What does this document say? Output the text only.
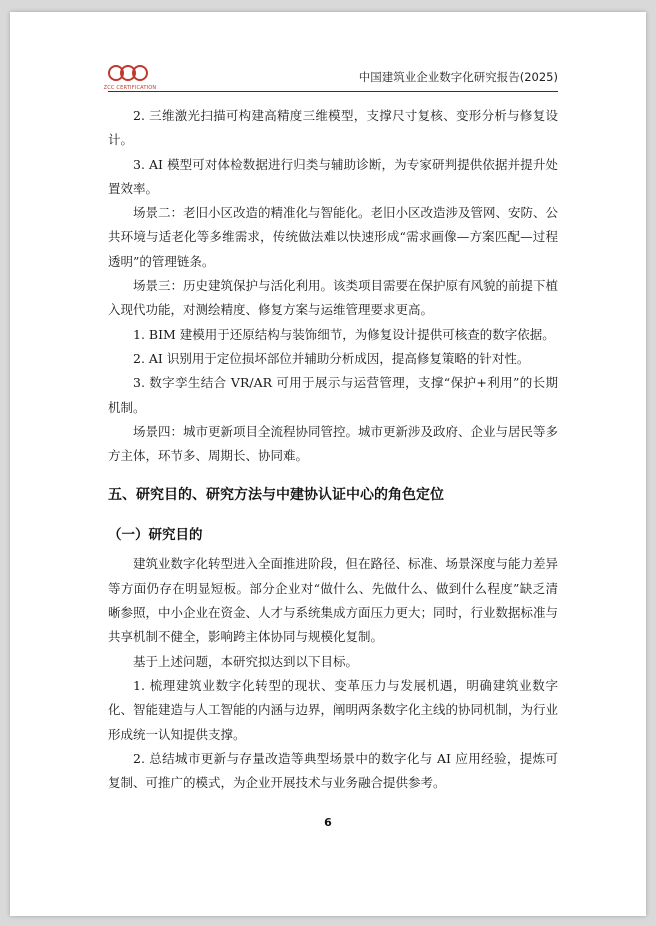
ZCC CERTIFICATION
中国建筑业企业数字化研究报告(2025)

2. 三维激光扫描可构建高精度三维模型，支撑尺寸复核、变形分析与修复设计。

3. AI 模型可对体检数据进行归类与辅助诊断，为专家研判提供依据并提升处置效率。

场景二：老旧小区改造的精准化与智能化。老旧小区改造涉及管网、安防、公共环境与适老化等多维需求，传统做法难以快速形成“需求画像—方案匹配—过程透明”的管理链条。

场景三：历史建筑保护与活化利用。该类项目需要在保护原有风貌的前提下植入现代功能，对测绘精度、修复方案与运维管理要求更高。

1. BIM 建模用于还原结构与装饰细节，为修复设计提供可核查的数字依据。

2. AI 识别用于定位损坏部位并辅助分析成因，提高修复策略的针对性。

3. 数字孪生结合 VR/AR 可用于展示与运营管理，支撑“保护+利用”的长期机制。

场景四：城市更新项目全流程协同管控。城市更新涉及政府、企业与居民等多方主体，环节多、周期长、协同难。

五、研究目的、研究方法与中建协认证中心的角色定位
（一）研究目的

建筑业数字化转型进入全面推进阶段，但在路径、标准、场景深度与能力差异等方面仍存在明显短板。部分企业对“做什么、先做什么、做到什么程度”缺乏清晰参照，中小企业在资金、人才与系统集成方面压力更大；同时，行业数据标准与共享机制不健全，影响跨主体协同与规模化复制。

基于上述问题，本研究拟达到以下目标。

1. 梳理建筑业数字化转型的现状、变革压力与发展机遇，明确建筑业数字化、智能建造与人工智能的内涵与边界，阐明两条数字化主线的协同机制，为行业形成统一认知提供支撑。

2. 总结城市更新与存量改造等典型场景中的数字化与 AI 应用经验，提炼可复制、可推广的模式，为企业开展技术与业务融合提供参考。

6
